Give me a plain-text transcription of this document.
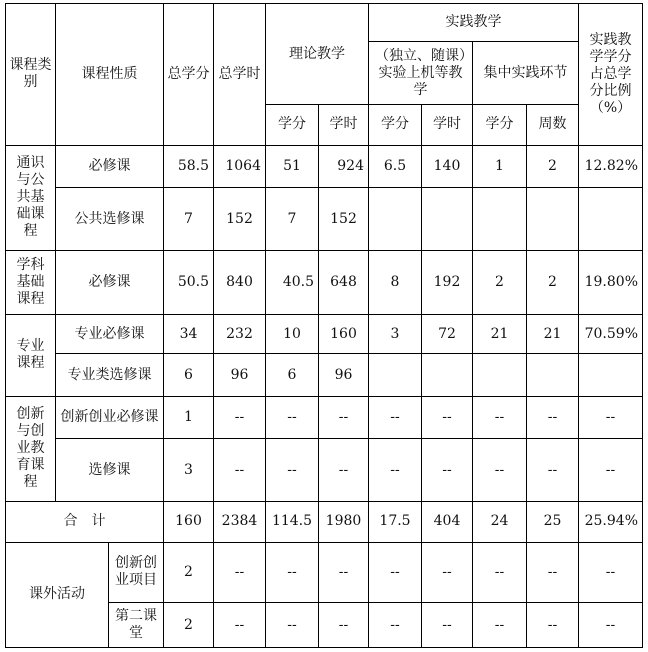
课程类别	课程性质		总学分	总学时	理论教学		实践教学				实践教学学分占总学分比例（%）
							（独立、随课）实验上机等教学		集中实践环节		
					学分	学时	学分	学时	学分	周数	
通识与公共基础课程	必修课		58.5	1064	51	924	6.5	140	1	2	12.82%
	公共选修课		7	152	7	152					
学科基础课程	必修课		50.5	840	40.5	648	8	192	2	2	19.80%
专业课程	专业必修课		34	232	10	160	3	72	21	21	70.59%
	专业类选修课		6	96	6	96					
创新与创业教育课程	创新创业必修课		1	--	--	--	--	--	--	--	--
	选修课		3	--	--	--	--	--	--	--	--
合　计			160	2384	114.5	1980	17.5	404	24	25	25.94%
课外活动		创新创业项目	2	--	--	--	--	--	--	--	--
		第二课堂	2	--	--	--	--	--	--	--	--
